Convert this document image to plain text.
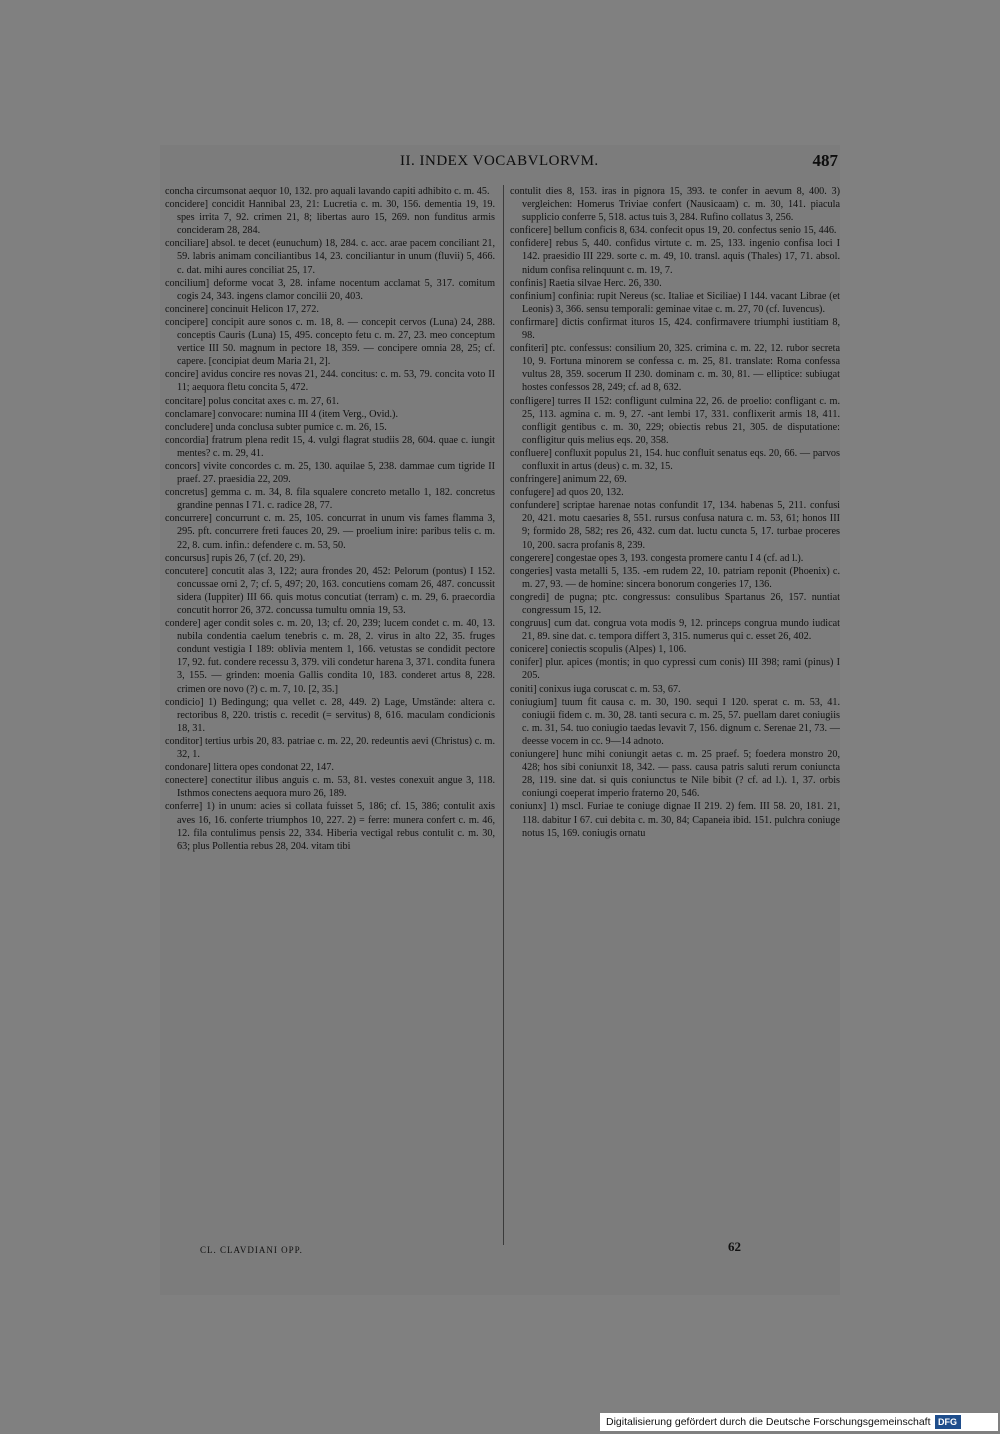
II. INDEX VOCABVLORVM.	487

concha circumsonat aequor 10, 132. pro aquali lavando capiti adhibito c. m. 45.

concidere] concidit Hannibal 23, 21: Lucretia c. m. 30, 156. dementia 19, 19. spes irrita 7, 92. crimen 21, 8; libertas auro 15, 269. non funditus armis concideram 28, 284.

conciliare] absol. te decet (eunuchum) 18, 284. c. acc. arae pacem conciliant 21, 59. labris animam conciliantibus 14, 23. conciliantur in unum (fluvii) 5, 466. c. dat. mihi aures conciliat 25, 17.

concilium] deforme vocat 3, 28. infame nocentum acclamat 5, 317. comitum cogis 24, 343. ingens clamor concilii 20, 403.

concinere] concinuit Helicon 17, 272.

concipere] concipit aure sonos c. m. 18, 8. — concepit cervos (Luna) 24, 288. conceptis Cauris (Luna) 15, 495. concepto fetu c. m. 27, 23. meo conceptum vertice III 50. magnum in pectore 18, 359. — concipere omnia 28, 25; cf. capere. [concipiat deum Maria 21, 2].

concire] avidus concire res novas 21, 244. concitus: c. m. 53, 79. concita voto II 11; aequora fletu concita 5, 472.

concitare] polus concitat axes c. m. 27, 61.

conclamare] convocare: numina III 4 (item Verg., Ovid.).

concludere] unda conclusa subter pumice c. m. 26, 15.

concordia] fratrum plena redit 15, 4. vulgi flagrat studiis 28, 604. quae c. iungit mentes? c. m. 29, 41.

concors] vivite concordes c. m. 25, 130. aquilae 5, 238. dammae cum tigride II praef. 27. praesidia 22, 209.

concretus] gemma c. m. 34, 8. fila squalere concreto metallo 1, 182. concretus grandine pennas I 71. c. radice 28, 77.

concurrere] concurrunt c. m. 25, 105. concurrat in unum vis fames flamma 3, 295. pft. concurrere freti fauces 20, 29. — proelium inire: paribus telis c. m. 22, 8. cum. infin.: defendere c. m. 53, 50.

concursus] rupis 26, 7 (cf. 20, 29).

concutere] concutit alas 3, 122; aura frondes 20, 452: Pelorum (pontus) I 152. concussae orni 2, 7; cf. 5, 497; 20, 163. concutiens comam 26, 487. concussit sidera (Iuppiter) III 66. quis motus concutiat (terram) c. m. 29, 6. praecordia concutit horror 26, 372. concussa tumultu omnia 19, 53.

condere] ager condit soles c. m. 20, 13; cf. 20, 239; lucem condet c. m. 40, 13. nubila condentia caelum tenebris c. m. 28, 2. virus in alto 22, 35. fruges condunt vestigia I 189: oblivia mentem 1, 166. vetustas se condidit pectore 17, 92. fut. condere recessu 3, 379. vili condetur harena 3, 371. condita funera 3, 155. — grinden: moenia Gallis condita 10, 183. conderet artus 8, 228. crimen ore novo (?) c. m. 7, 10. [2, 35.]

condicio] 1) Bedingung; qua vellet c. 28, 449. 2) Lage, Umstände: altera c. rectoribus 8, 220. tristis c. recedit (= servitus) 8, 616. maculam condicionis 18, 31.

conditor] tertius urbis 20, 83. patriae c. m. 22, 20. redeuntis aevi (Christus) c. m. 32, 1.

condonare] littera opes condonat 22, 147.

conectere] conectitur ilibus anguis c. m. 53, 81. vestes conexuit angue 3, 118. Isthmos conectens aequora muro 26, 189.

conferre] 1) in unum: acies si collata fuisset 5, 186; cf. 15, 386; contulit axis aves 16, 16. conferte triumphos 10, 227. 2) = ferre: munera confert c. m. 46, 12. fila contulimus pensis 22, 334. Hiberia vectigal rebus contulit c. m. 30, 63; plus Pollentia rebus 28, 204. vitam tibi

contulit dies 8, 153. iras in pignora 15, 393. te confer in aevum 8, 400. 3) vergleichen: Homerus Triviae confert (Nausicaam) c. m. 30, 141. piacula supplicio conferre 5, 518. actus tuis 3, 284. Rufino collatus 3, 256.

conficere] bellum conficis 8, 634. confecit opus 19, 20. confectus senio 15, 446.

confidere] rebus 5, 440. confidus virtute c. m. 25, 133. ingenio confisa loci I 142. praesidio III 229. sorte c. m. 49, 10. transl. aquis (Thales) 17, 71. absol. nidum confisa relinquunt c. m. 19, 7.

confinis] Raetia silvae Herc. 26, 330.

confinium] confinia: rupit Nereus (sc. Italiae et Siciliae) I 144. vacant Librae (et Leonis) 3, 366. sensu temporali: geminae vitae c. m. 27, 70 (cf. Iuvencus).

confirmare] dictis confirmat ituros 15, 424. confirmavere triumphi iustitiam 8, 98.

confiteri] ptc. confessus: consilium 20, 325. crimina c. m. 22, 12. rubor secreta 10, 9. Fortuna minorem se confessa c. m. 25, 81. translate: Roma confessa vultus 28, 359. socerum II 230. dominam c. m. 30, 81. — elliptice: subiugat hostes confessos 28, 249; cf. ad 8, 632.

confligere] turres II 152: confligunt culmina 22, 26. de proelio: confligant c. m. 25, 113. agmina c. m. 9, 27. -ant lembi 17, 331. conflixerit armis 18, 411. confligit gentibus c. m. 30, 229; obiectis rebus 21, 305. de disputatione: confligitur quis melius eqs. 20, 358.

confluere] confluxit populus 21, 154. huc confluit senatus eqs. 20, 66. — parvos confluxit in artus (deus) c. m. 32, 15.

confringere] animum 22, 69.

confugere] ad quos 20, 132.

confundere] scriptae harenae notas confundit 17, 134. habenas 5, 211. confusi 20, 421. motu caesaries 8, 551. rursus confusa natura c. m. 53, 61; honos III 9; formido 28, 582; res 26, 432. cum dat. luctu cuncta 5, 17. turbae proceres 10, 200. sacra profanis 8, 239.

congerere] congestae opes 3, 193. congesta promere cantu I 4 (cf. ad l.).

congeries] vasta metalli 5, 135. -em rudem 22, 10. patriam reponit (Phoenix) c. m. 27, 93. — de homine: sincera bonorum congeries 17, 136.

congredi] de pugna; ptc. congressus: consulibus Spartanus 26, 157. nuntiat congressum 15, 12.

congruus] cum dat. congrua vota modis 9, 12. princeps congrua mundo iudicat 21, 89. sine dat. c. tempora differt 3, 315. numerus qui c. esset 26, 402.

conicere] coniectis scopulis (Alpes) 1, 106.

conifer] plur. apices (montis; in quo cypressi cum conis) III 398; rami (pinus) I 205.

coniti] conixus iuga coruscat c. m. 53, 67.

coniugium] tuum fit causa c. m. 30, 190. sequi I 120. sperat c. m. 53, 41. coniugii fidem c. m. 30, 28. tanti secura c. m. 25, 57. puellam daret coniugiis c. m. 31, 54. tuo coniugio taedas levavit 7, 156. dignum c. Serenae 21, 73. — deesse vocem in cc. 9—14 adnoto.

coniungere] hunc mihi coniungit aetas c. m. 25 praef. 5; foedera monstro 20, 428; hos sibi coniunxit 18, 342. — pass. causa patris saluti rerum coniuncta 28, 119. sine dat. si quis coniunctus te Nile bibit (? cf. ad l.). 1, 37. orbis coniungi coeperat imperio fraterno 20, 546.

coniunx] 1) mscl. Furiae te coniuge dignae II 219. 2) fem. III 58. 20, 181. 21, 118. dabitur I 67. cui debita c. m. 30, 84; Capaneia ibid. 151. pulchra coniuge notus 15, 169. coniugis ornatu

CL. CLAVDIANI OPP.	62
Digitalisierung gefördert durch die Deutsche Forschungsgemeinschaft DFG
